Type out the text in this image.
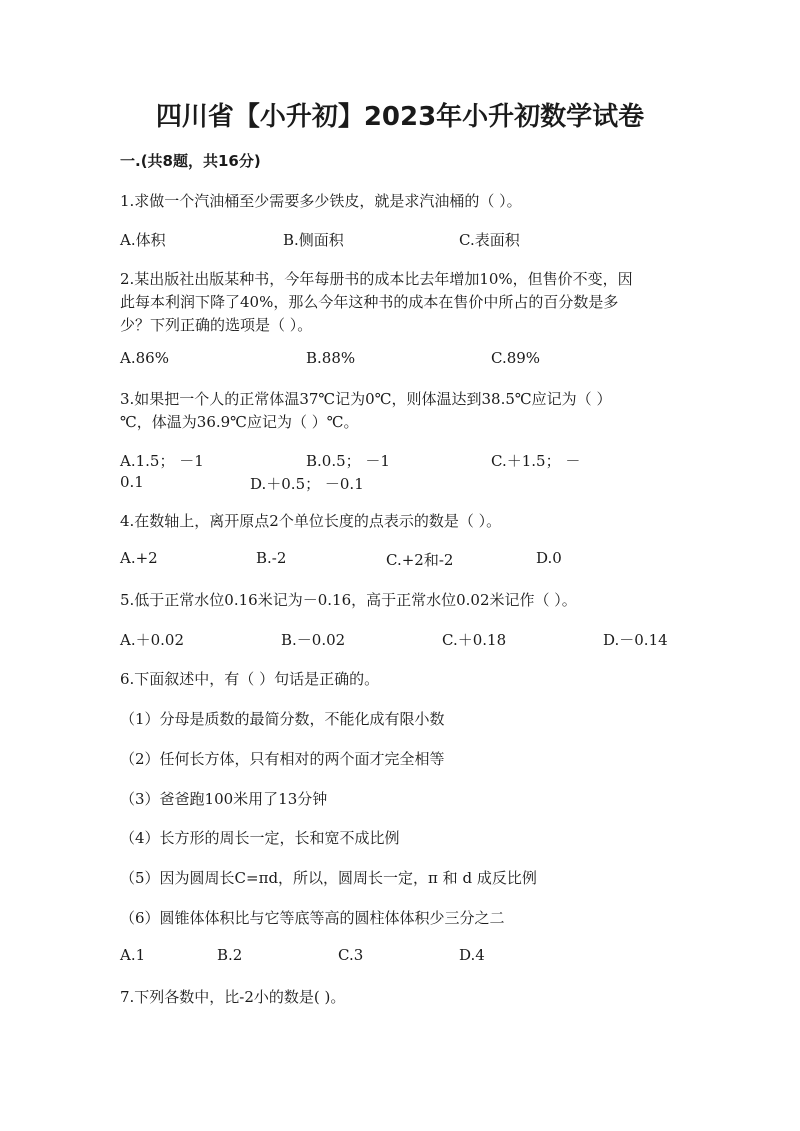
四川省【小升初】2023年小升初数学试卷
一.(共8题，共16分)
1.求做一个汽油桶至少需要多少铁皮，就是求汽油桶的（ ）。
A.体积	B.侧面积	C.表面积
2.某出版社出版某种书，今年每册书的成本比去年增加10%，但售价不变，因
此每本利润下降了40%，那么今年这种书的成本在售价中所占的百分数是多
少？下列正确的选项是（ ）。
A.86%	B.88%	C.89%
3.如果把一个人的正常体温37℃记为0℃，则体温达到38.5℃应记为（ ）
℃，体温为36.9℃应记为（ ）℃。
A.1.5； －1	B.0.5； －1	C.＋1.5； －
0.1	D.＋0.5； －0.1
4.在数轴上，离开原点2个单位长度的点表示的数是（ ）。
A.+2	B.-2	C.+2和-2	D.0
5.低于正常水位0.16米记为－0.16，高于正常水位0.02米记作（ ）。
A.＋0.02	B.－0.02	C.＋0.18	D.－0.14
6.下面叙述中，有（ ）句话是正确的。
（1）分母是质数的最简分数，不能化成有限小数
（2）任何长方体，只有相对的两个面才完全相等
（3）爸爸跑100米用了13分钟
（4）长方形的周长一定，长和宽不成比例
（5）因为圆周长C=πd，所以，圆周长一定，π 和 d 成反比例
（6）圆锥体体积比与它等底等高的圆柱体体积少三分之二
A.1	B.2	C.3	D.4
7.下列各数中，比-2小的数是( )。
